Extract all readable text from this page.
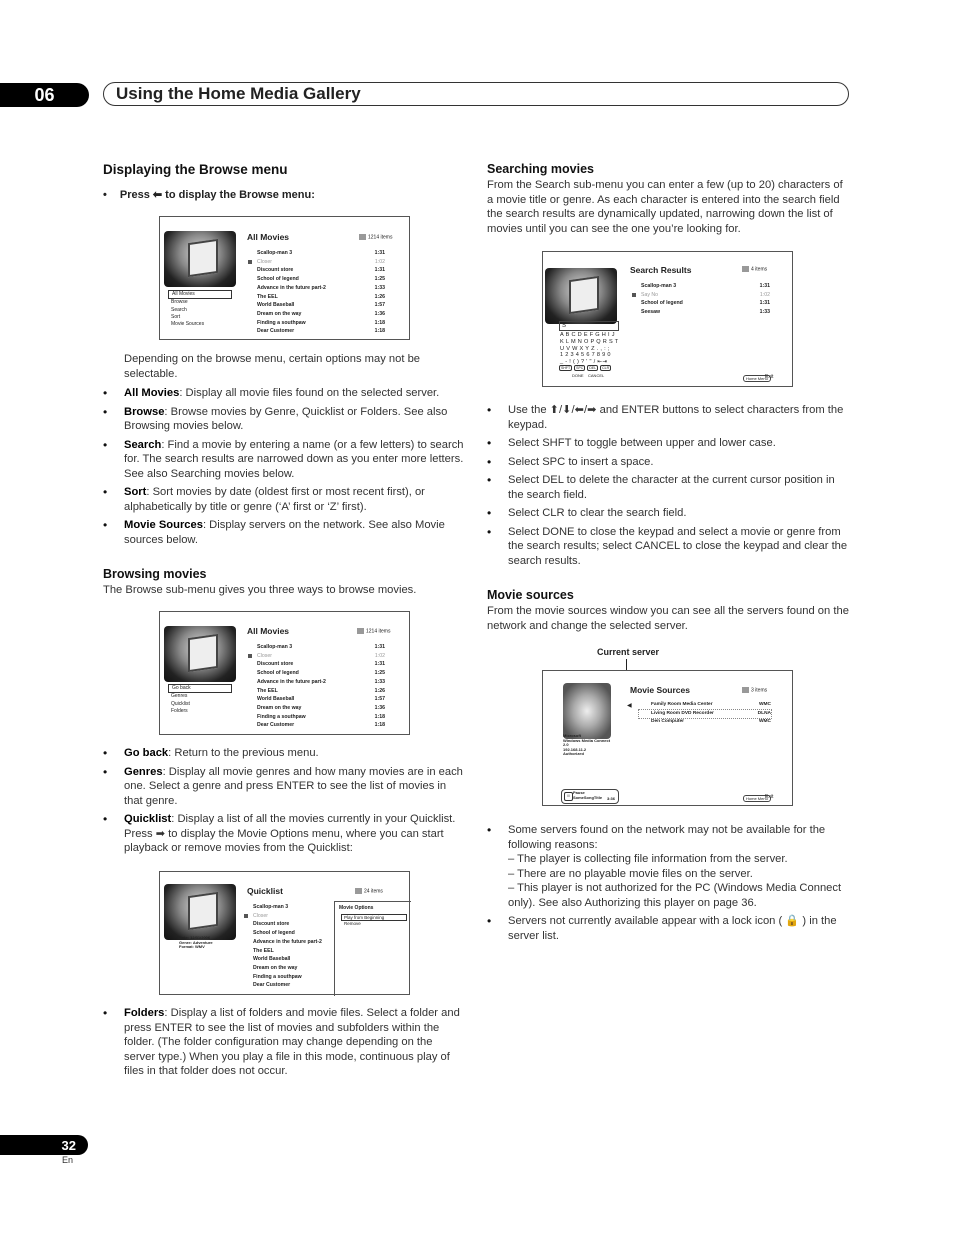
06	Using the Home Media Gallery
Displaying the Browse menu
• Press ⬅ to display the Browse menu:
All Movies	1214 items
All Movies
Browse
Search
Sort
Movie Sources
Scallop-man 3	1:31
Closer	1:02
Discount store	1:31
School of legend	1:25
Advance in the future part-2	1:33
The EEL	1:26
World Baseball	1:57
Dream on the way	1:36
Finding a southpaw	1:18
Dear Customer	1:18

Depending on the browse menu, certain options may not be selectable.

• All Movies: Display all movie files found on the selected server.
• Browse: Browse movies by Genre, Quicklist or Folders. See also Browsing movies below.
• Search: Find a movie by entering a name (or a few letters) to search for. The search results are narrowed down as you enter more letters. See also Searching movies below.
• Sort: Sort movies by date (oldest first or most recent first), or alphabetically by title or genre (‘A’ first or ‘Z’ first).
• Movie Sources: Display servers on the network. See also Movie sources below.
Browsing movies

The Browse sub-menu gives you three ways to browse movies.

All Movies	1214 items
Go back
Genres
Quicklist
Folders
Scallop-man 3	1:31
Closer	1:02
Discount store	1:31
School of legend	1:25
Advance in the future part-2	1:33
The EEL	1:26
World Baseball	1:57
Dream on the way	1:36
Finding a southpaw	1:18
Dear Customer	1:18
• Go back: Return to the previous menu.
• Genres: Display all movie genres and how many movies are in each one. Select a genre and press ENTER to see the list of movies in that genre.
• Quicklist: Display a list of all the movies currently in your Quicklist. Press ➡ to display the Movie Options menu, where you can start playback or remove movies from the Quicklist:
Quicklist	24 items
Date: 12/31/2006
Genre: Adventure
Format: WMV
Scallop-man 3
Closer
Discount store
School of legend
Advance in the future part-2
The EEL
World Baseball
Dream on the way
Finding a southpaw
Dear Customer
Movie Options
Play from Beginning
Remove
• Folders: Display a list of folders and movie files. Select a folder and press ENTER to see the list of movies and subfolders within the folder. (The folder configuration may change depending on the server type.) When you play a file in this mode, continuous play of files in that folder does not occur.
Searching movies

From the Search sub-menu you can enter a few (up to 20) characters of a movie title or genre. As each character is entered into the search field the search results are dynamically updated, narrowing down the list of movies until you can see the one you’re looking for.

Search Results	4 items
Scallop-man 3	1:31
Say No	1:02
School of legend	1:31
Seesaw	1:33
S
A B C D E F G H I J
K L M N O P Q R S T
U V W X Y Z . , : ;
1 2 3 4 5 6 7 8 9 0
_ - ! ( ) ? ' " / ⇤⇥
SHFT	SPC	DEL	CLR
DONE CANCEL
Home Menu
Exit
• Use the ⬆/⬇/⬅/➡ and ENTER buttons to select characters from the keypad.
• Select SHFT to toggle between upper and lower case.
• Select SPC to insert a space.
• Select DEL to delete the character at the current cursor position in the search field.
• Select CLR to clear the search field.
• Select DONE to close the keypad and select a movie or genre from the search results; select CANCEL to close the keypad and clear the search results.
Movie sources

From the movie sources window you can see all the servers found on the network and change the selected server.

Current server
Movie Sources	3 items
◀	Family Room Media Center	WMC
Living Room DVD Recorder	DLNA
Den Computer	WMC
Microsoft
Windows Media Connect
2.0
192.168.11.2
Authorized
II
Pause
SomeSongTitle 3:36	Home Menu
Exit
• Some servers found on the network may not be available for the following reasons:
– The player is collecting file information from the server.
– There are no playable movie files on the server.
– This player is not authorized for the PC (Windows Media Connect only). See also Authorizing this player on page 36.
• Servers not currently available appear with a lock icon ( 🔒 ) in the server list.
32
En
